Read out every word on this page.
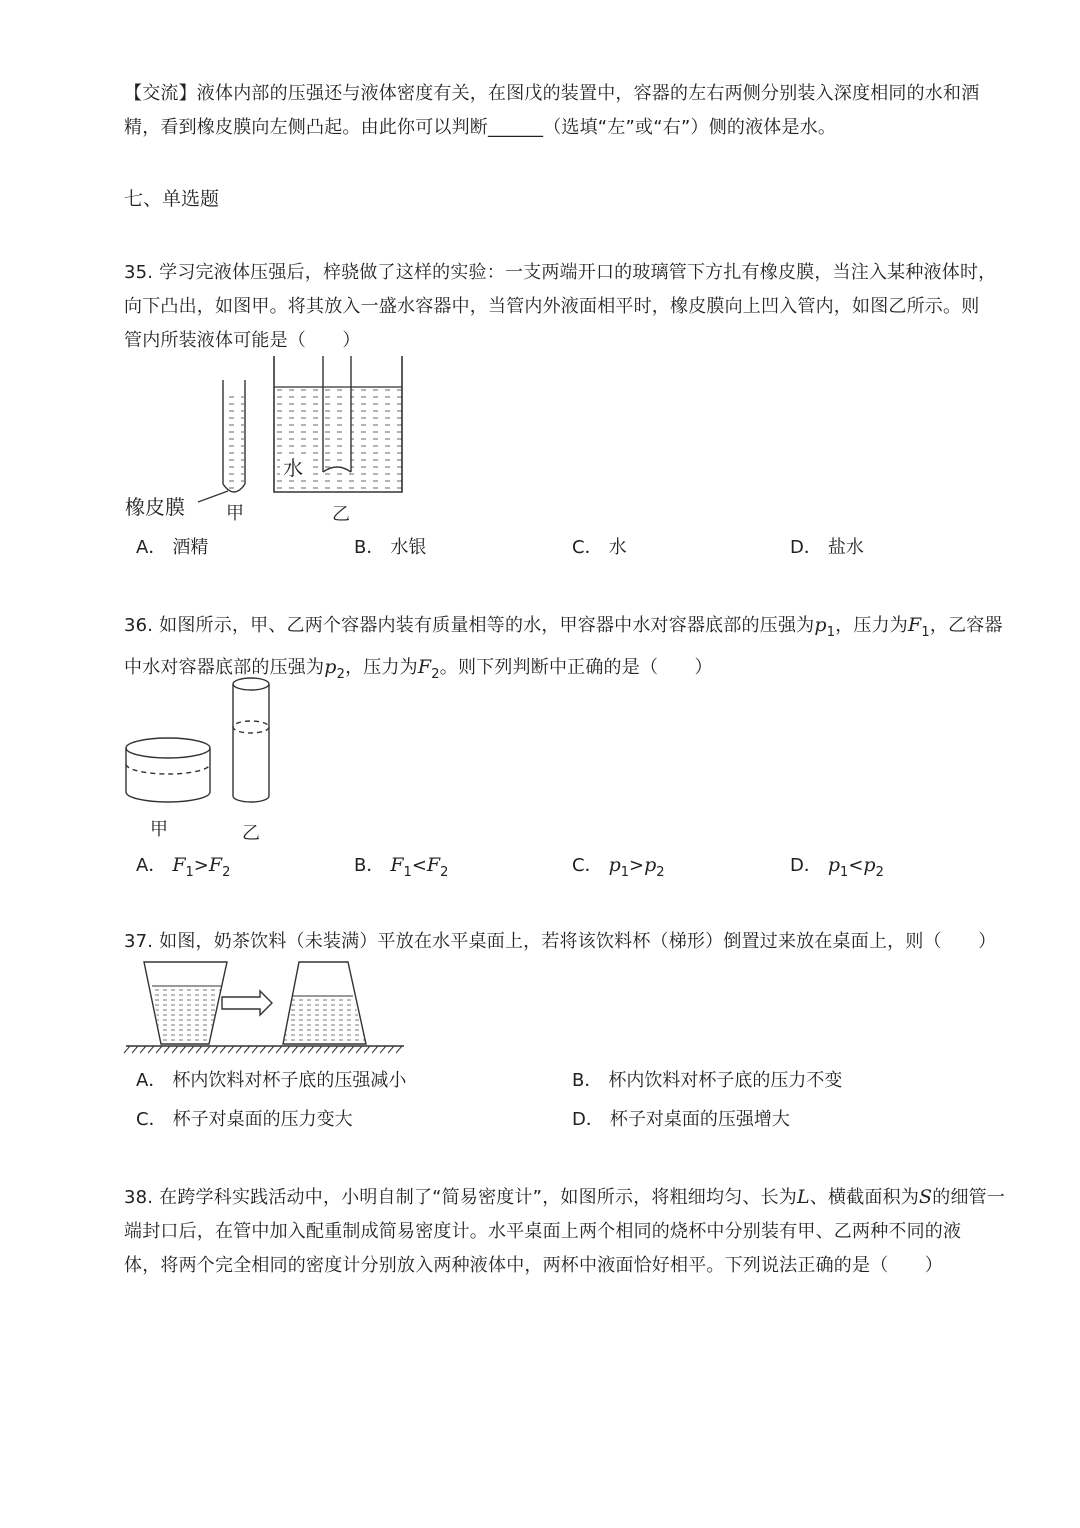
【交流】液体内部的压强还与液体密度有关，在图戊的装置中，容器的左右两侧分别装入深度相同的水和酒
精，看到橡皮膜向左侧凸起。由此你可以判断______（选填“左”或“右”）侧的液体是水。
七、单选题
35. 学习完液体压强后，梓骁做了这样的实验：一支两端开口的玻璃管下方扎有橡皮膜，当注入某种液体时，
向下凸出，如图甲。将其放入一盛水容器中，当管内外液面相平时，橡皮膜向上凹入管内，如图乙所示。则
管内所装液体可能是（　　）
橡皮膜 甲
水
乙
A． 酒精	B． 水银	C． 水	D． 盐水
36. 如图所示，甲、乙两个容器内装有质量相等的水，甲容器中水对容器底部的压强为$p_1$，压力为$F_1$，乙容器
中水对容器底部的压强为$p_2$，压力为$F_2$。则下列判断中正确的是（　　）
甲	乙
A． $F_1>F_2$	B． $F_1<F_2$	C． $p_1>p_2$	D． $p_1<p_2$
37. 如图，奶茶饮料（未装满）平放在水平桌面上，若将该饮料杯（梯形）倒置过来放在桌面上，则（　　）
A． 杯内饮料对杯子底的压强减小	B． 杯内饮料对杯子底的压力不变
C． 杯子对桌面的压力变大	D． 杯子对桌面的压强增大
38. 在跨学科实践活动中，小明自制了“简易密度计”，如图所示，将粗细均匀、长为L、横截面积为S的细管一
端封口后，在管中加入配重制成简易密度计。水平桌面上两个相同的烧杯中分别装有甲、乙两种不同的液
体，将两个完全相同的密度计分别放入两种液体中，两杯中液面恰好相平。下列说法正确的是（　　）
